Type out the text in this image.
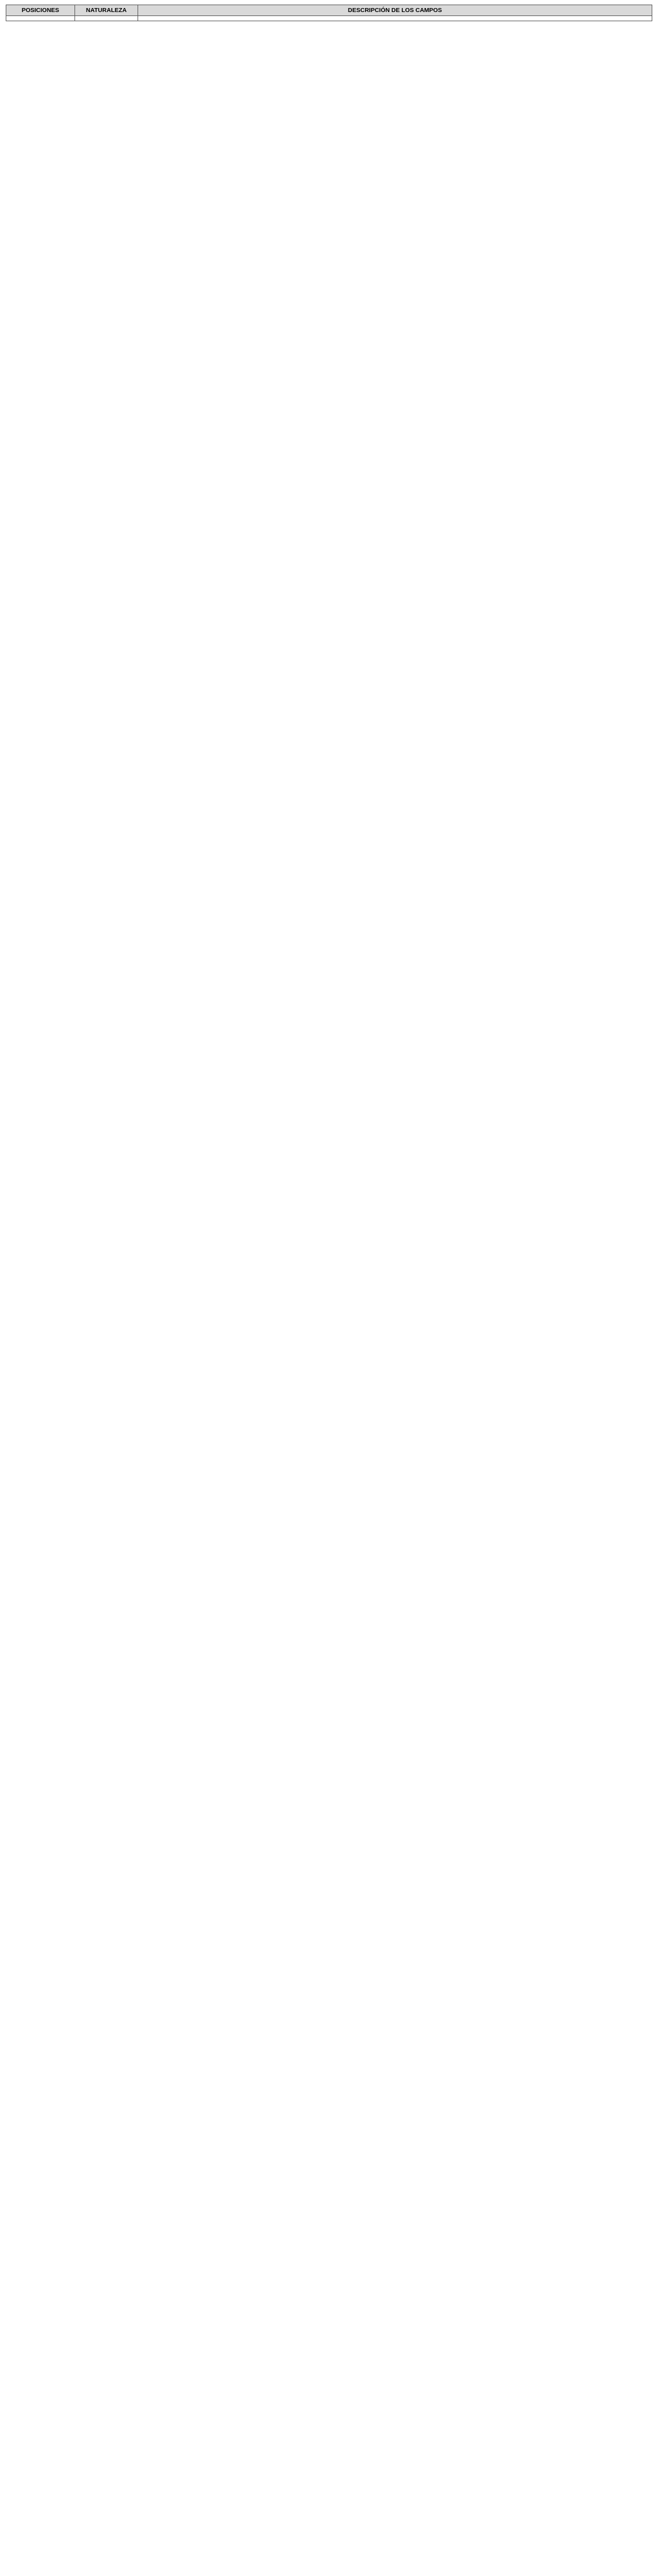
POSICIONES	NATURALEZA	DESCRIPCIÓN DE LOS CAMPOS
